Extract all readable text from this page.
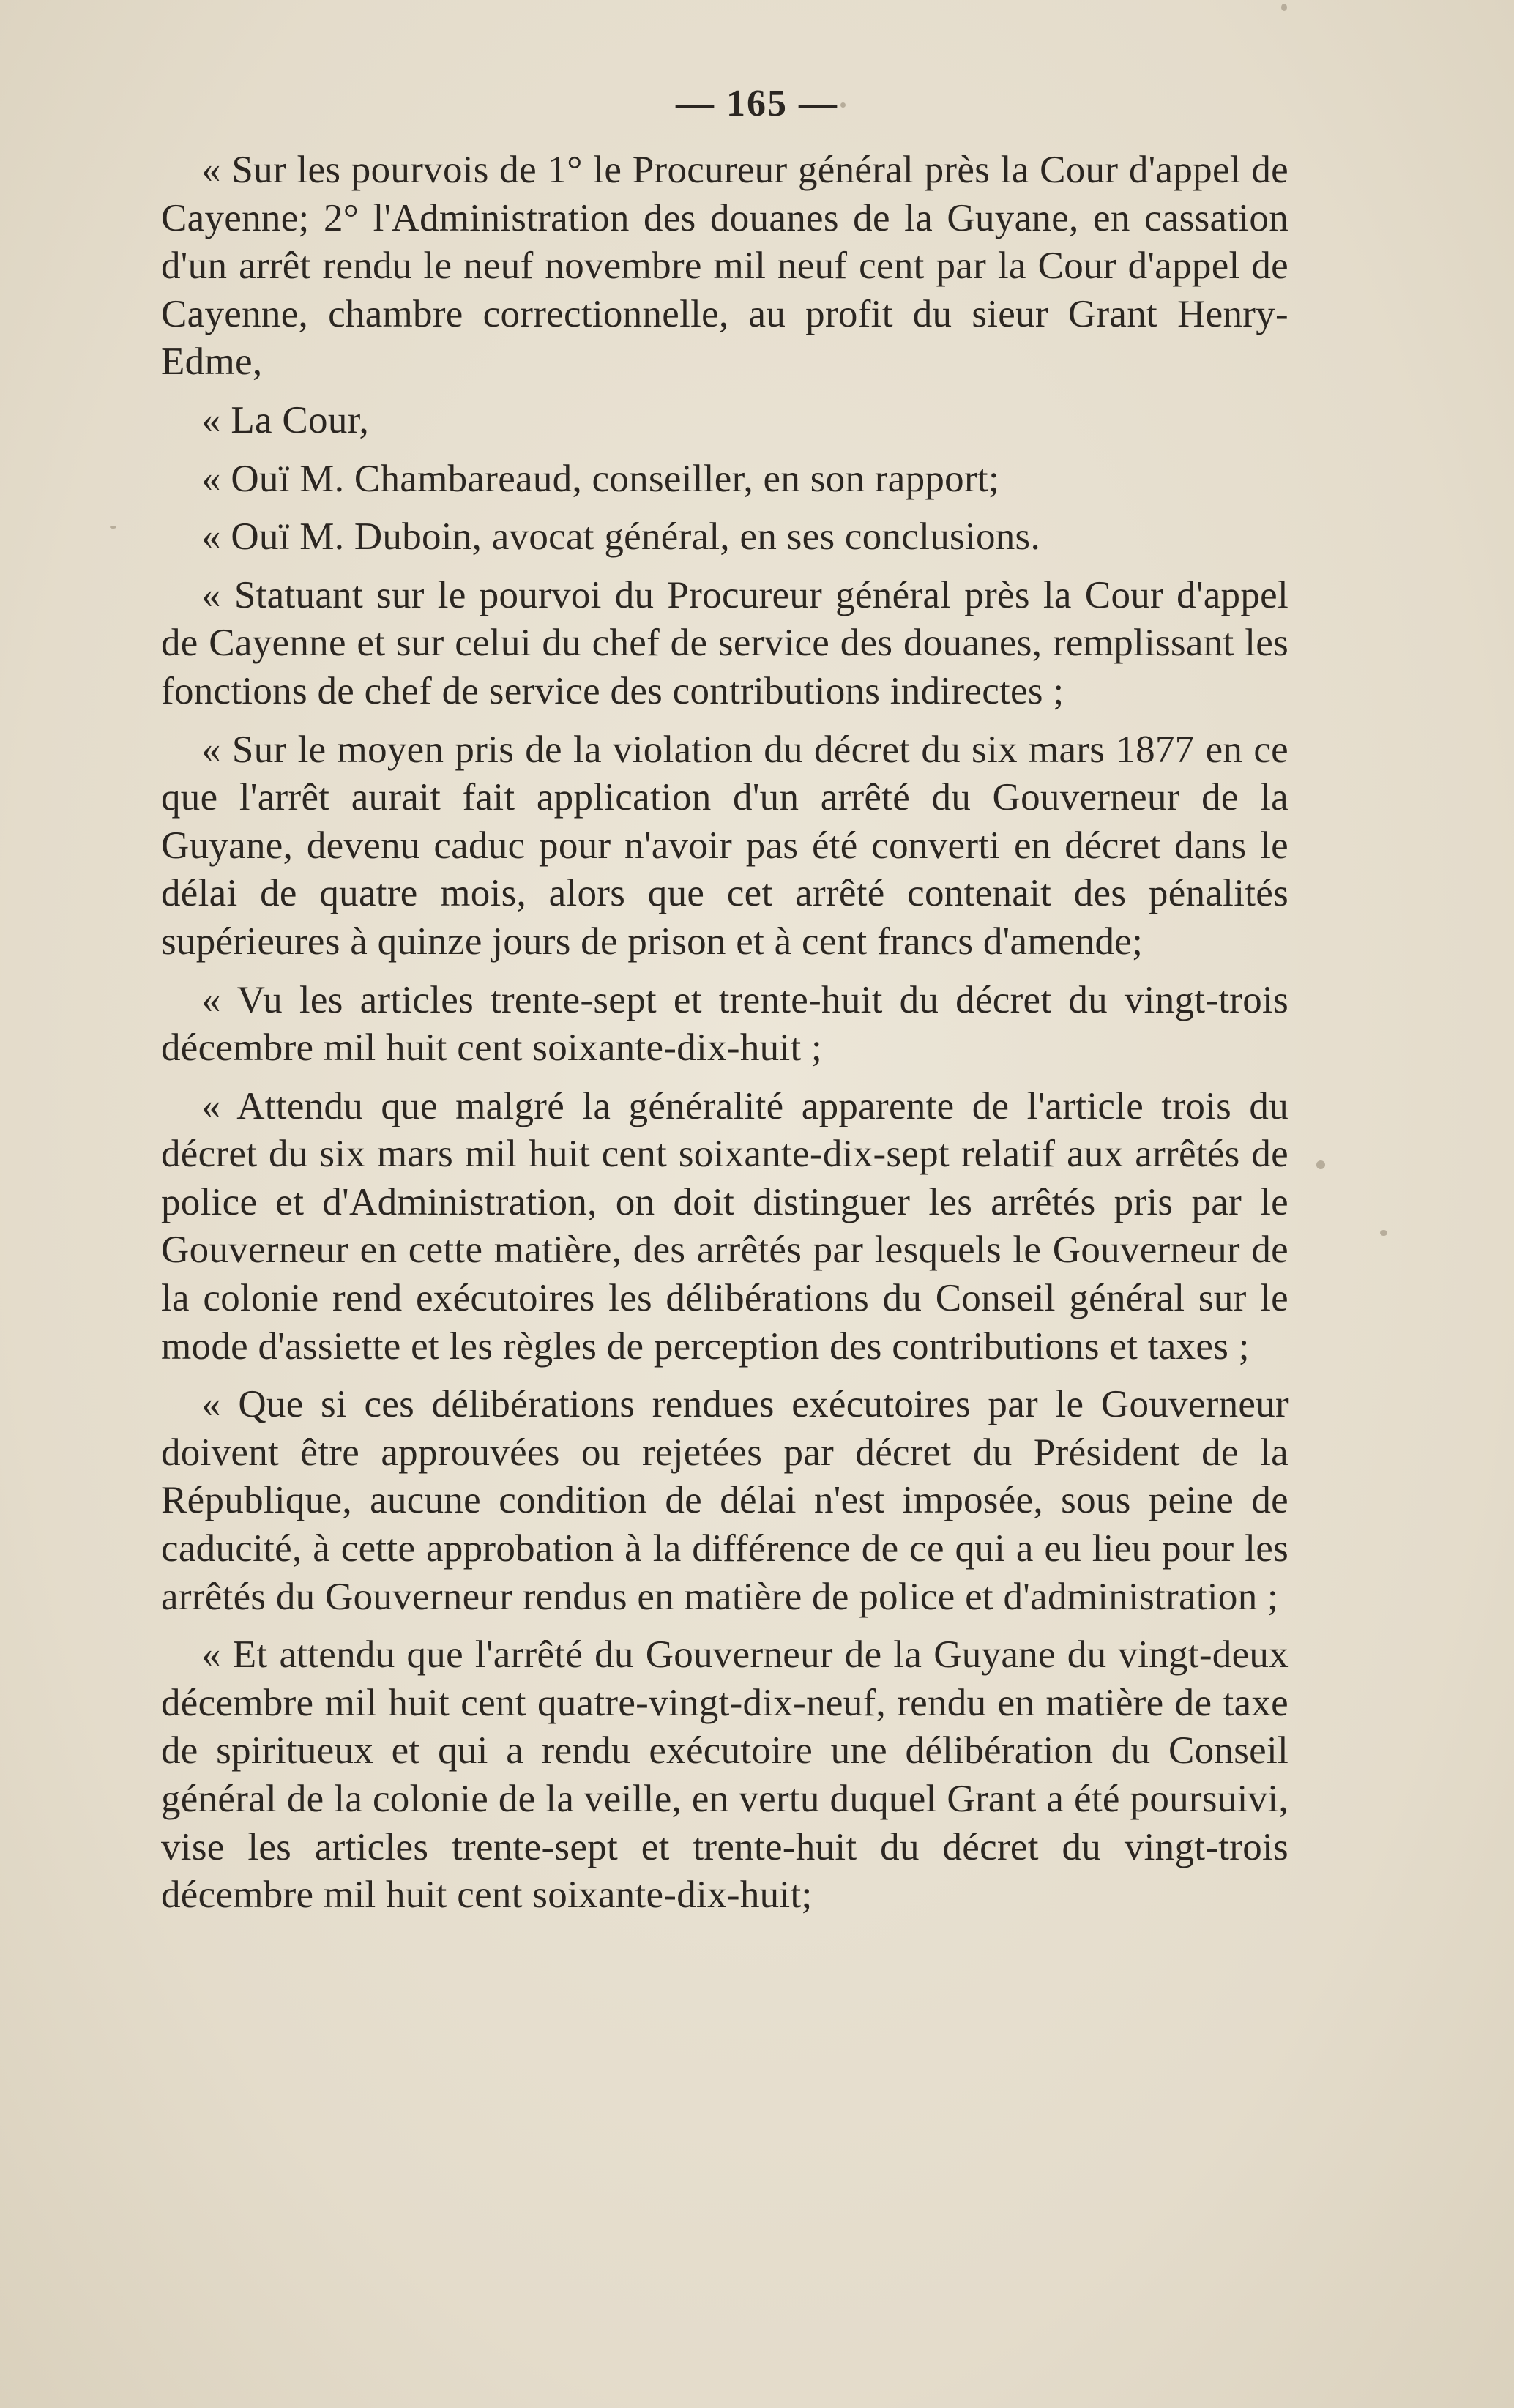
— 165 —

« Sur les pourvois de 1° le Procureur général près la Cour d'appel de Cayenne; 2° l'Administration des douanes de la Guyane, en cassation d'un arrêt rendu le neuf novembre mil neuf cent par la Cour d'appel de Cayenne, chambre correctionnelle, au profit du sieur Grant Henry-Edme,

« La Cour,

« Ouï M. Chambareaud, conseiller, en son rapport;

« Ouï M. Duboin, avocat général, en ses conclusions.

« Statuant sur le pourvoi du Procureur général près la Cour d'appel de Cayenne et sur celui du chef de service des douanes, remplissant les fonctions de chef de service des contributions indirectes ;

« Sur le moyen pris de la violation du décret du six mars 1877 en ce que l'arrêt aurait fait application d'un arrêté du Gouverneur de la Guyane, devenu caduc pour n'avoir pas été converti en décret dans le délai de quatre mois, alors que cet arrêté contenait des pénalités supérieures à quinze jours de prison et à cent francs d'amende;

« Vu les articles trente-sept et trente-huit du décret du vingt-trois décembre mil huit cent soixante-dix-huit ;

« Attendu que malgré la généralité apparente de l'article trois du décret du six mars mil huit cent soixante-dix-sept relatif aux arrêtés de police et d'Administration, on doit distinguer les arrêtés pris par le Gouverneur en cette matière, des arrêtés par lesquels le Gouverneur de la colonie rend exécutoires les délibérations du Conseil général sur le mode d'assiette et les règles de perception des contributions et taxes ;

« Que si ces délibérations rendues exécutoires par le Gouverneur doivent être approuvées ou rejetées par décret du Président de la République, aucune condition de délai n'est imposée, sous peine de caducité, à cette approbation à la différence de ce qui a eu lieu pour les arrêtés du Gouverneur rendus en matière de police et d'administration ;

« Et attendu que l'arrêté du Gouverneur de la Guyane du vingt-deux décembre mil huit cent quatre-vingt-dix-neuf, rendu en matière de taxe de spiritueux et qui a rendu exécutoire une délibération du Conseil général de la colonie de la veille, en vertu duquel Grant a été poursuivi, vise les articles trente-sept et trente-huit du décret du vingt-trois décembre mil huit cent soixante-dix-huit;
